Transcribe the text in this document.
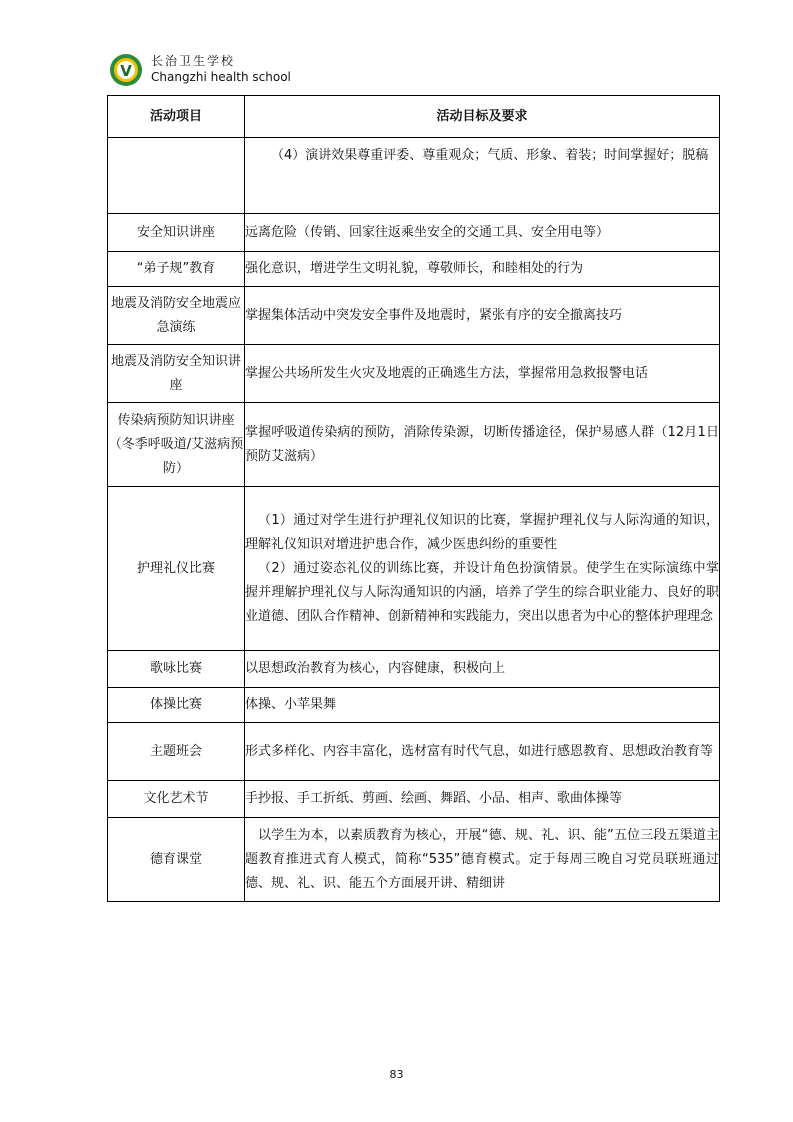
V
长治卫生学校
Changzhi health school
活动项目	活动目标及要求

	（4）演讲效果尊重评委、尊重观众；气质、形象、着装；时间掌握好；脱稿

安全知识讲座	远离危险（传销、回家往返乘坐安全的交通工具、安全用电等）

“弟子规”教育	强化意识，增进学生文明礼貌，尊敬师长，和睦相处的行为

地震及消防安全地震应急演练	掌握集体活动中突发安全事件及地震时，紧张有序的安全撤离技巧

地震及消防安全知识讲座	掌握公共场所发生火灾及地震的正确逃生方法，掌握常用急救报警电话

传染病预防知识讲座（冬季呼吸道/艾滋病预防）	掌握呼吸道传染病的预防，消除传染源，切断传播途径，保护易感人群（12月1日预防艾滋病）

护理礼仪比赛	（1）通过对学生进行护理礼仪知识的比赛，掌握护理礼仪与人际沟通的知识，理解礼仪知识对增进护患合作，减少医患纠纷的重要性

（2）通过姿态礼仪的训练比赛，并设计角色扮演情景。使学生在实际演练中掌握并理解护理礼仪与人际沟通知识的内涵，培养了学生的综合职业能力、良好的职业道德、团队合作精神、创新精神和实践能力，突出以患者为中心的整体护理理念

歌咏比赛	以思想政治教育为核心，内容健康，积极向上

体操比赛	体操、小苹果舞

主题班会	形式多样化、内容丰富化，选材富有时代气息，如进行感恩教育、思想政治教育等

文化艺术节	手抄报、手工折纸、剪画、绘画、舞蹈、小品、相声、歌曲体操等

德育课堂	以学生为本，以素质教育为核心，开展“德、规、礼、识、能”五位三段五渠道主题教育推进式育人模式，简称“535”德育模式。定于每周三晚自习党员联班通过德、规、礼、识、能五个方面展开讲、精细讲

83
